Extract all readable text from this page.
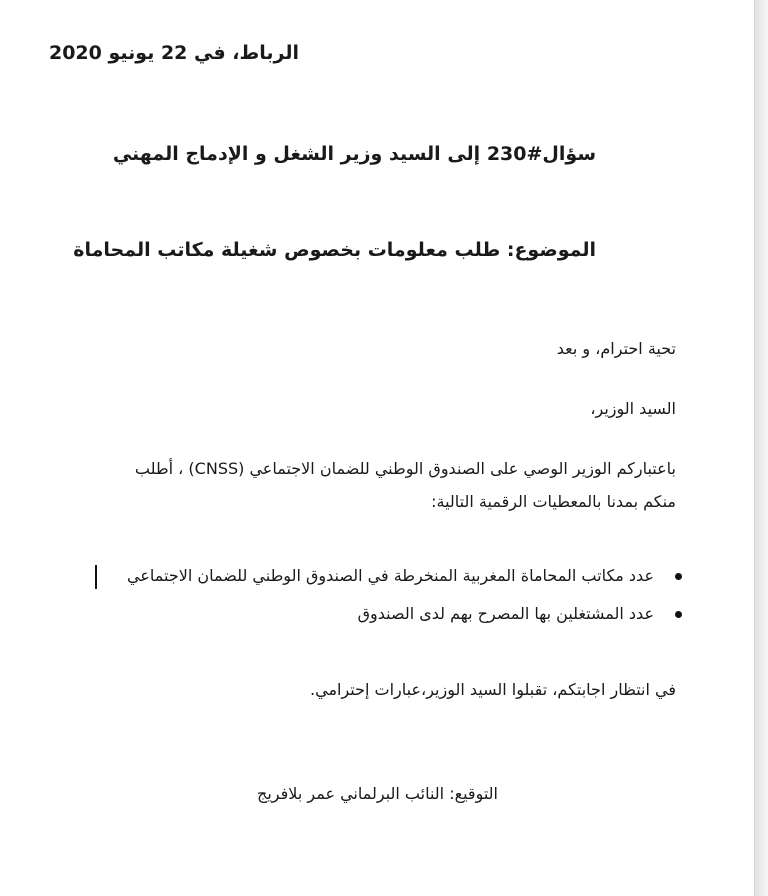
الرباط، في 22 يونيو 2020
سؤال#230 إلى السيد وزير الشغل و الإدماج المهني
الموضوع: طلب معلومات بخصوص شغيلة مكاتب المحاماة
تحية احترام، و بعد
السيد الوزير،
باعتباركم الوزير الوصي على الصندوق الوطني للضمان الاجتماعي (CNSS) ، أطلب
منكم بمدنا بالمعطيات الرقمية التالية:
عدد مكاتب المحاماة المغربية المنخرطة في الصندوق الوطني للضمان الاجتماعي
عدد المشتغلين بها المصرح بهم لدى الصندوق
في انتظار اجابتكم، تقبلوا السيد الوزير،عبارات إحترامي.
التوقيع: النائب البرلماني عمر بلافريج
